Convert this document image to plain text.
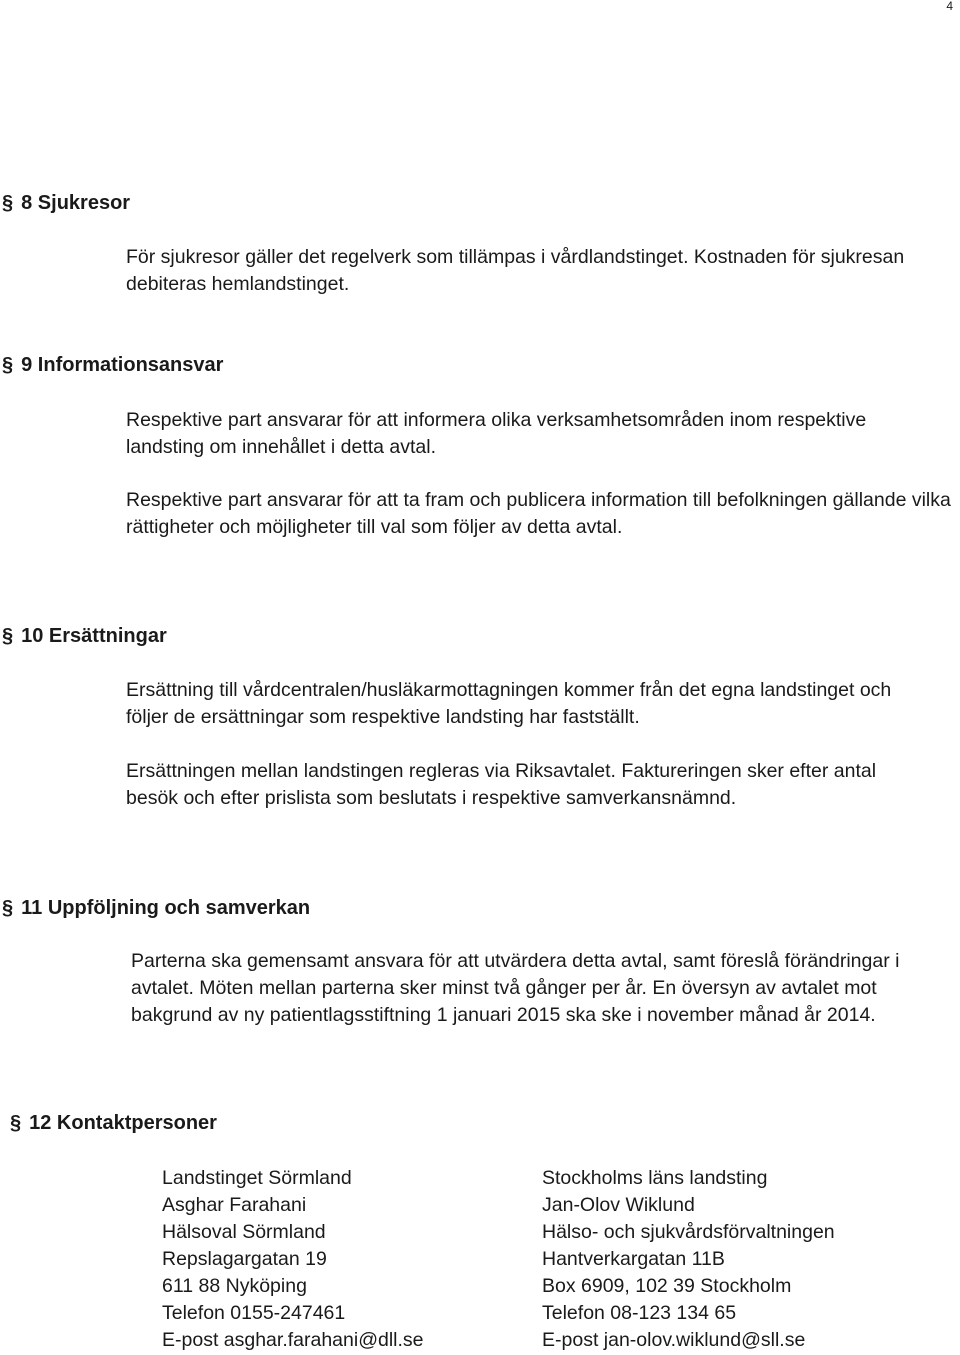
4
§ 8 Sjukresor

För sjukresor gäller det regelverk som tillämpas i vårdlandstinget. Kostnaden för sjukresan debiteras hemlandstinget.

§ 9 Informationsansvar

Respektive part ansvarar för att informera olika verksamhetsområden inom respektive landsting om innehållet i detta avtal.

Respektive part ansvarar för att ta fram och publicera information till befolkningen gällande vilka rättigheter och möjligheter till val som följer av detta avtal.

§ 10 Ersättningar

Ersättning till vårdcentralen/husläkarmottagningen kommer från det egna landstinget och följer de ersättningar som respektive landsting har fastställt.

Ersättningen mellan landstingen regleras via Riksavtalet. Faktureringen sker efter antal besök och efter prislista som beslutats i respektive samverkansnämnd.

§ 11 Uppföljning och samverkan

Parterna ska gemensamt ansvara för att utvärdera detta avtal, samt föreslå förändringar i avtalet. Möten mellan parterna sker minst två gånger per år. En översyn av avtalet mot bakgrund av ny patientlagsstiftning 1 januari 2015 ska ske i november månad år 2014.

§ 12 Kontaktpersoner
Landstinget Sörmland
Asghar Farahani
Hälsoval Sörmland
Repslagargatan 19
611 88 Nyköping
Telefon 0155-247461
E-post asghar.farahani@dll.se
Stockholms läns landsting
Jan-Olov Wiklund
Hälso- och sjukvårdsförvaltningen
Hantverkargatan 11B
Box 6909, 102 39 Stockholm
Telefon 08-123 134 65
E-post jan-olov.wiklund@sll.se
